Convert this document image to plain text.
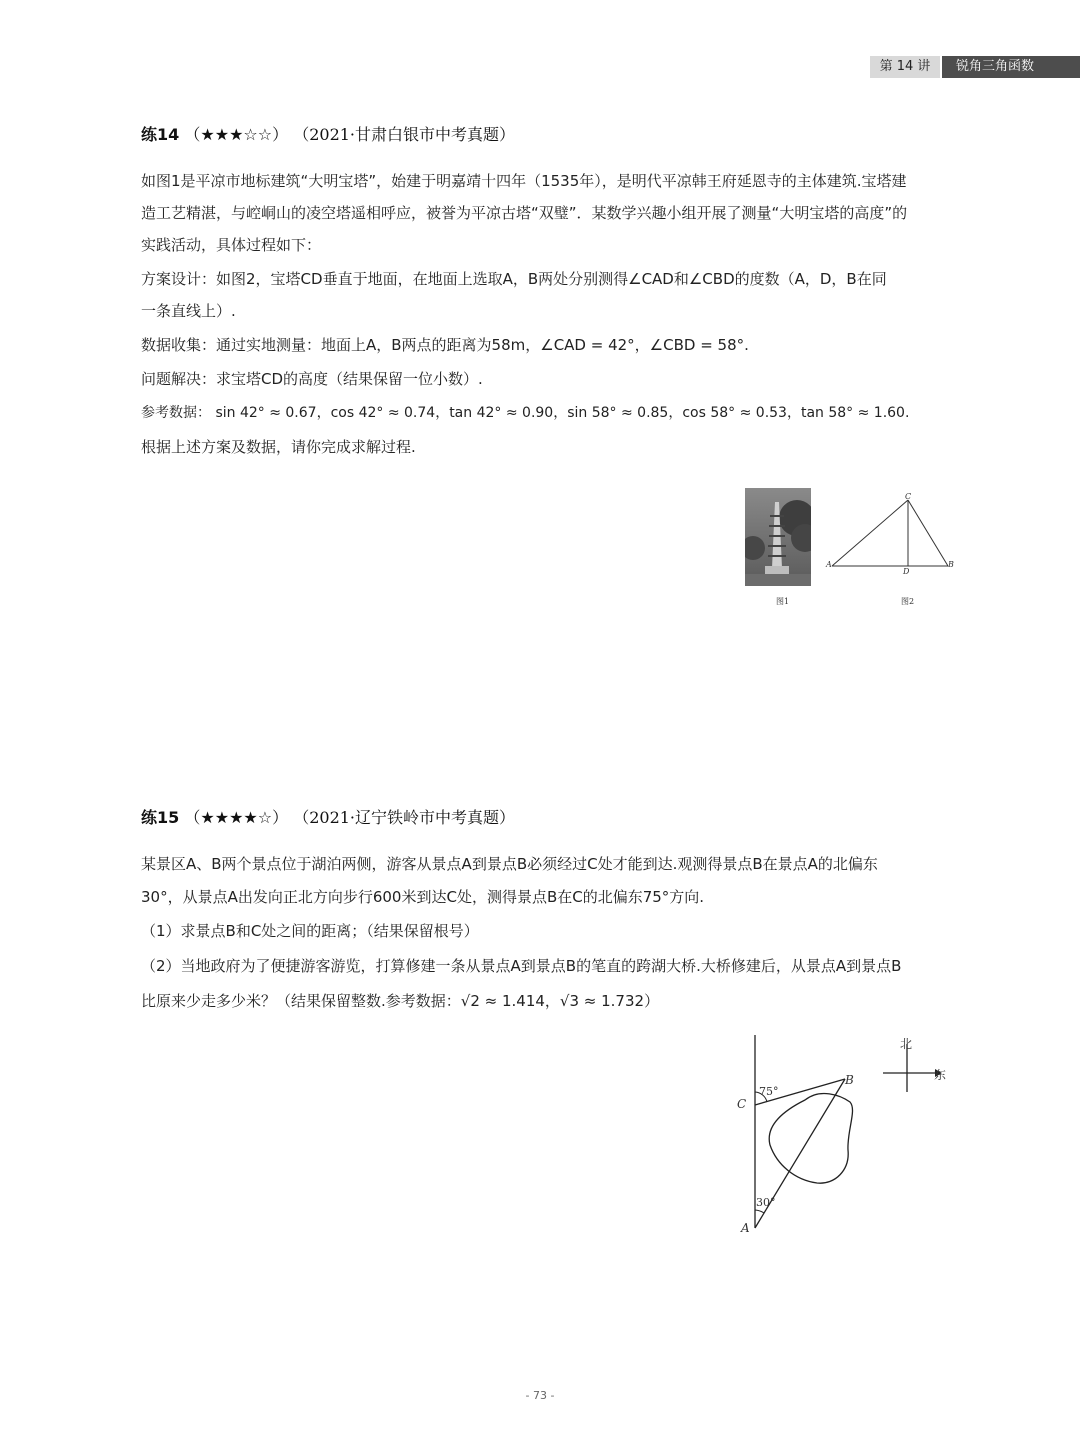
第 14 讲	锐角三角函数
练14 （★★★☆☆） （2021·甘肃白银市中考真题）
如图1是平凉市地标建筑“大明宝塔”，始建于明嘉靖十四年（1535年），是明代平凉韩王府延恩寺的主体建筑.宝塔建
造工艺精湛，与崆峒山的凌空塔遥相呼应，被誉为平凉古塔“双璧”．某数学兴趣小组开展了测量“大明宝塔的高度”的
实践活动，具体过程如下：
方案设计：如图2，宝塔CD垂直于地面，在地面上选取A，B两处分别测得∠CAD和∠CBD的度数（A，D，B在同
一条直线上）.
数据收集：通过实地测量：地面上A，B两点的距离为58m，∠CAD = 42°，∠CBD = 58°.
问题解决：求宝塔CD的高度（结果保留一位小数）.
参考数据： sin 42° ≈ 0.67，cos 42° ≈ 0.74，tan 42° ≈ 0.90，sin 58° ≈ 0.85，cos 58° ≈ 0.53，tan 58° ≈ 1.60.
根据上述方案及数据，请你完成求解过程.
图1
A	B
C
D
图2
练15 （★★★★☆） （2021·辽宁铁岭市中考真题）
某景区A、B两个景点位于湖泊两侧，游客从景点A到景点B必须经过C处才能到达.观测得景点B在景点A的北偏东
30°，从景点A出发向正北方向步行600米到达C处，测得景点B在C的北偏东75°方向.
（1）求景点B和C处之间的距离；（结果保留根号）
（2）当地政府为了便捷游客游览，打算修建一条从景点A到景点B的笔直的跨湖大桥.大桥修建后，从景点A到景点B
比原来少走多少米？（结果保留整数.参考数据：√2 ≈ 1.414，√3 ≈ 1.732）
C
B
A
75°
30°
北
东
- 73 -
